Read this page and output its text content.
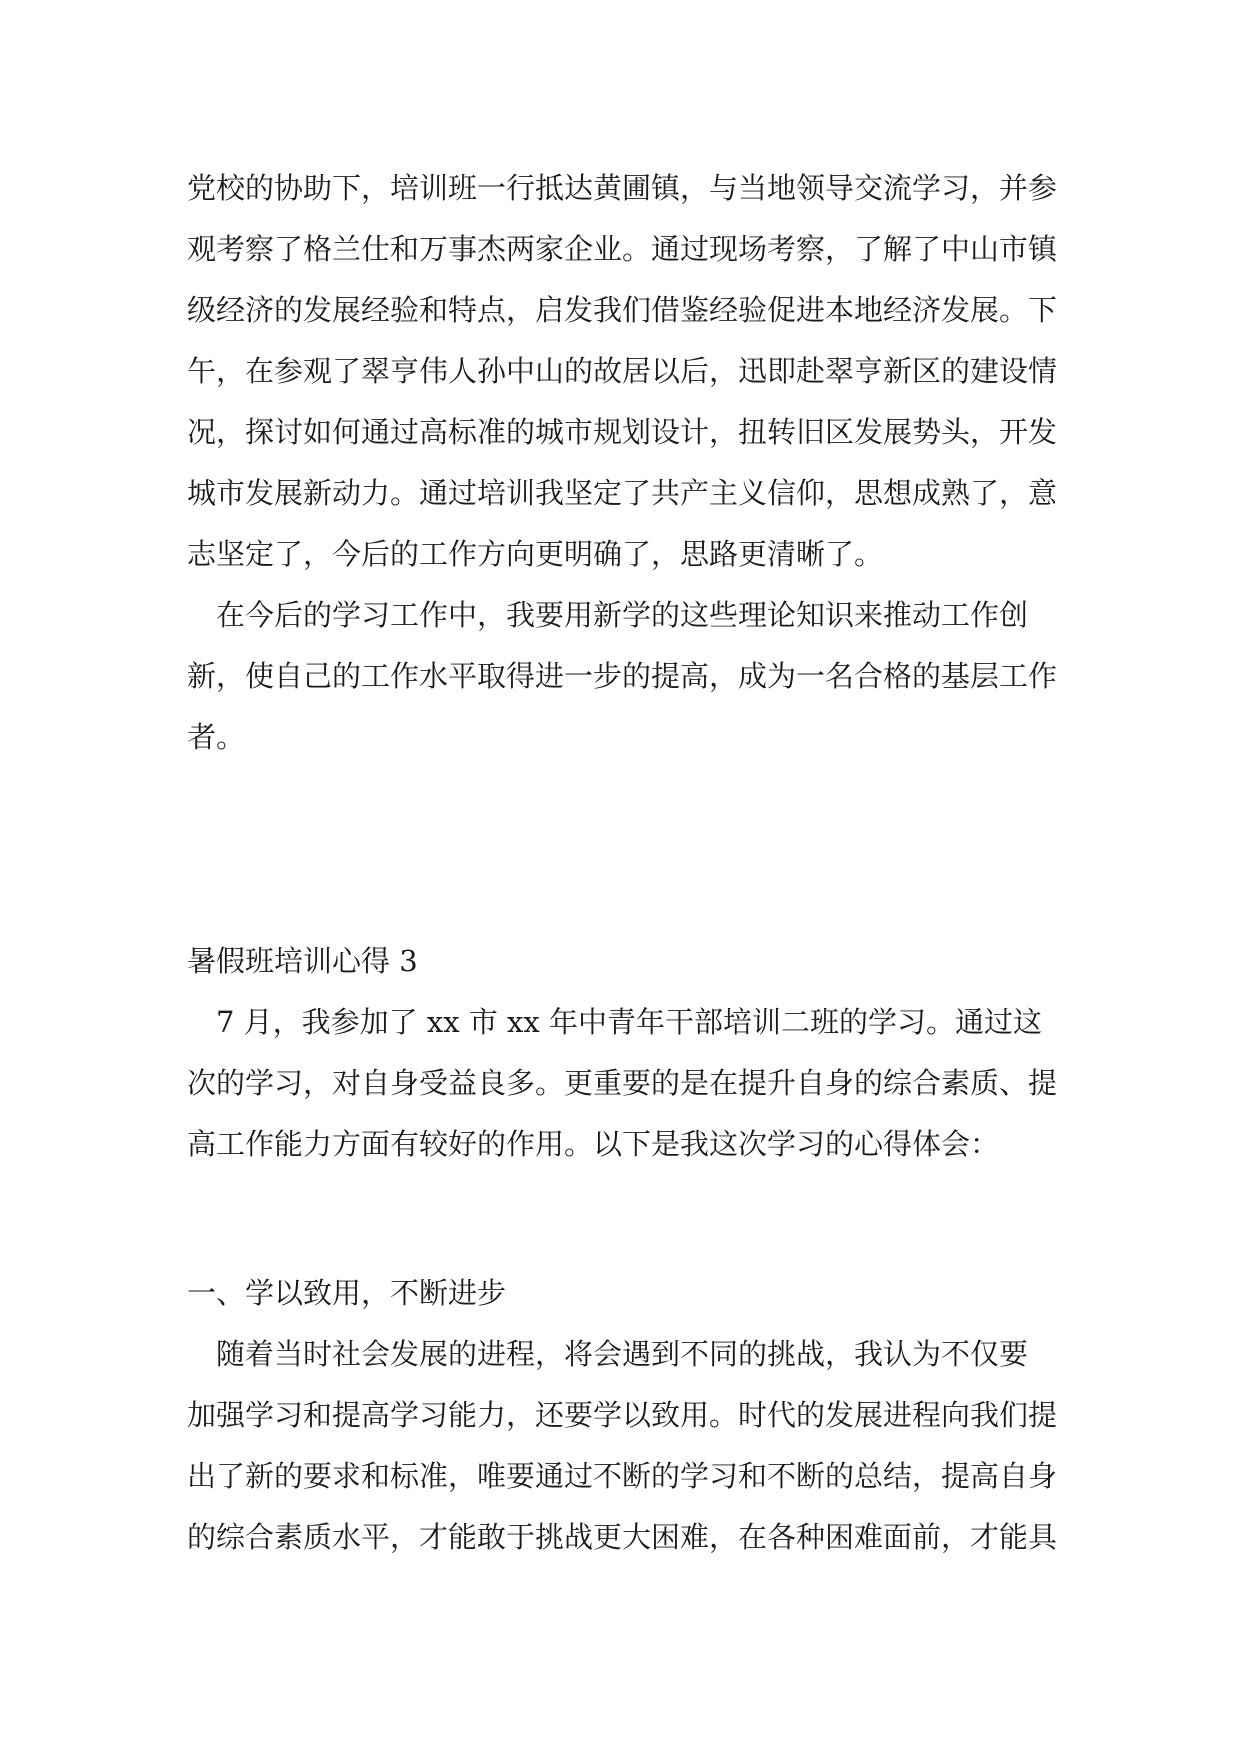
党校的协助下，培训班一行抵达黄圃镇，与当地领导交流学习，并参
观考察了格兰仕和万事杰两家企业。通过现场考察，了解了中山市镇
级经济的发展经验和特点，启发我们借鉴经验促进本地经济发展。下
午，在参观了翠亨伟人孙中山的故居以后，迅即赴翠亨新区的建设情
况，探讨如何通过高标准的城市规划设计，扭转旧区发展势头，开发
城市发展新动力。通过培训我坚定了共产主义信仰，思想成熟了，意
志坚定了，今后的工作方向更明确了，思路更清晰了。
　在今后的学习工作中，我要用新学的这些理论知识来推动工作创
新，使自己的工作水平取得进一步的提高，成为一名合格的基层工作
者。
暑假班培训心得 3
　7 月，我参加了 xx 市 xx 年中青年干部培训二班的学习。通过这
次的学习，对自身受益良多。更重要的是在提升自身的综合素质、提
高工作能力方面有较好的作用。以下是我这次学习的心得体会：
一、学以致用，不断进步
　随着当时社会发展的进程，将会遇到不同的挑战，我认为不仅要
加强学习和提高学习能力，还要学以致用。时代的发展进程向我们提
出了新的要求和标准，唯要通过不断的学习和不断的总结，提高自身
的综合素质水平，才能敢于挑战更大困难，在各种困难面前，才能具
